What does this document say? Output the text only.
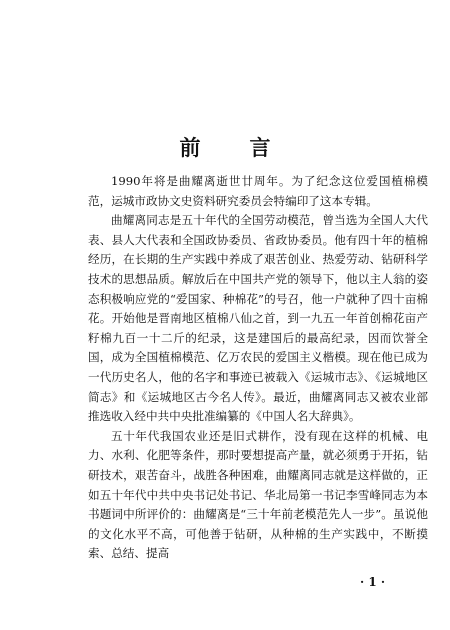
前　言

1990年将是曲耀离逝世廿周年。为了纪念这位爱国植棉模范，运城市政协文史资料研究委员会特编印了这本专辑。

曲耀离同志是五十年代的全国劳动模范，曾当选为全国人大代表、县人大代表和全国政协委员、省政协委员。他有四十年的植棉经历，在长期的生产实践中养成了艰苦创业、热爱劳动、钻研科学技术的思想品质。解放后在中国共产党的领导下，他以主人翁的姿态积极响应党的“爱国家、种棉花”的号召，他一户就种了四十亩棉花。开始他是晋南地区植棉八仙之首，到一九五一年首创棉花亩产籽棉九百一十二斤的纪录，这是建国后的最高纪录，因而饮誉全国，成为全国植棉模范、亿万农民的爱国主义楷模。现在他已成为一代历史名人，他的名字和事迹已被载入《运城市志》、《运城地区简志》和《运城地区古今名人传》。最近，曲耀离同志又被农业部推选收入经中共中央批准编纂的《中国人名大辞典》。

五十年代我国农业还是旧式耕作，没有现在这样的机械、电力、水利、化肥等条件，那时要想提高产量，就必须勇于开拓，钻研技术，艰苦奋斗，战胜各种困难，曲耀离同志就是这样做的，正如五十年代中共中央书记处书记、华北局第一书记李雪峰同志为本书题词中所评价的：曲耀离是“三十年前老模范先人一步”。虽说他的文化水平不高，可他善于钻研，从种棉的生产实践中，不断摸索、总结、提高

· 1 ·
